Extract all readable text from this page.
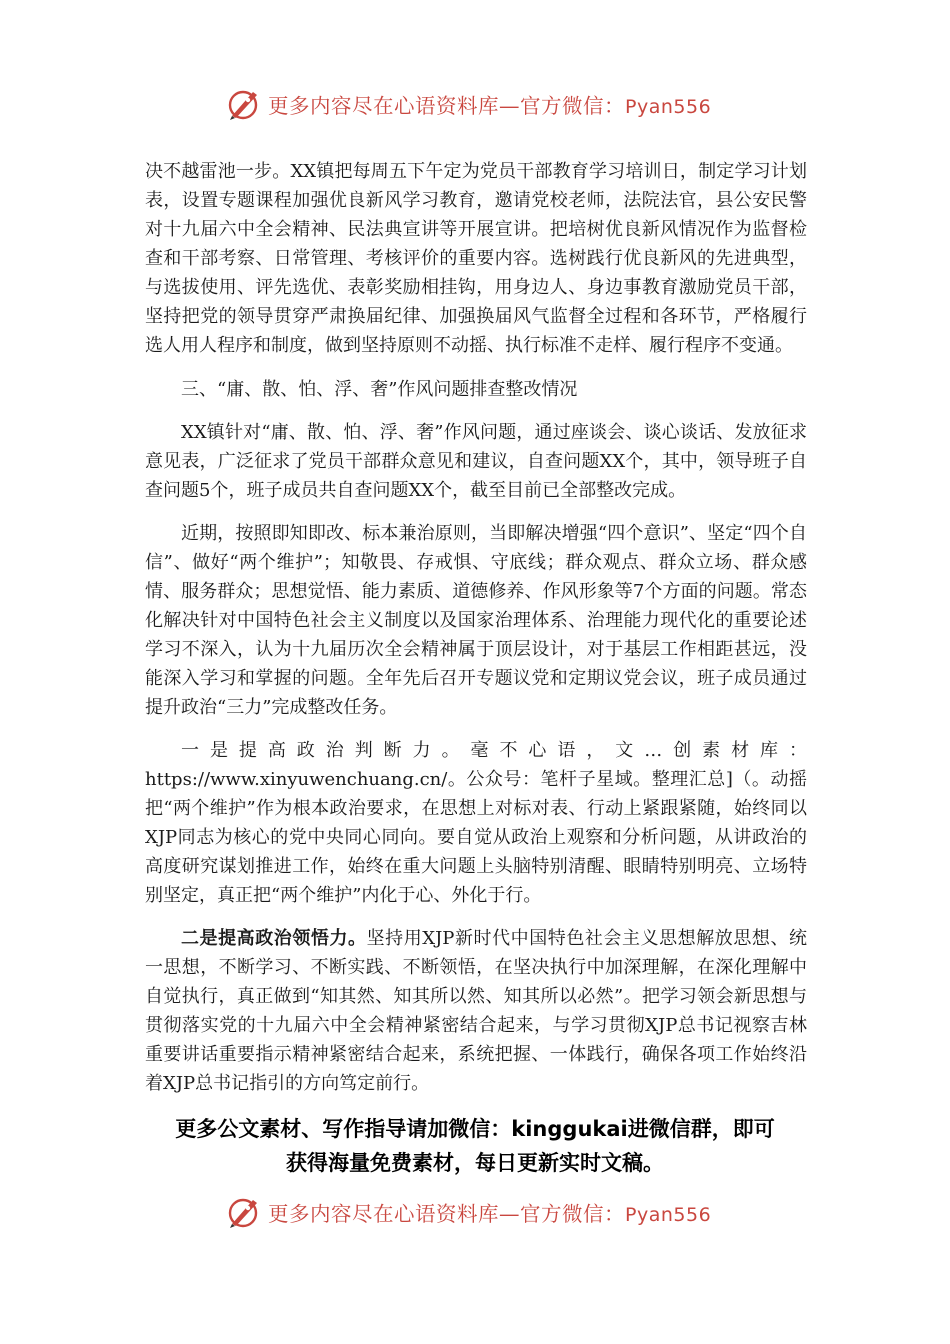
更多内容尽在心语资料库—官方微信：Pyan556

决不越雷池一步。XX镇把每周五下午定为党员干部教育学习培训日，制定学习计划表，设置专题课程加强优良新风学习教育，邀请党校老师，法院法官，县公安民警对十九届六中全会精神、民法典宣讲等开展宣讲。把培树优良新风情况作为监督检查和干部考察、日常管理、考核评价的重要内容。选树践行优良新风的先进典型，与选拔使用、评先选优、表彰奖励相挂钩，用身边人、身边事教育激励党员干部，坚持把党的领导贯穿严肃换届纪律、加强换届风气监督全过程和各环节，严格履行选人用人程序和制度，做到坚持原则不动摇、执行标准不走样、履行程序不变通。

三、“庸、散、怕、浮、奢”作风问题排查整改情况

XX镇针对“庸、散、怕、浮、奢”作风问题，通过座谈会、谈心谈话、发放征求意见表，广泛征求了党员干部群众意见和建议，自查问题XX个，其中，领导班子自查问题5个，班子成员共自查问题XX个，截至目前已全部整改完成。

近期，按照即知即改、标本兼治原则，当即解决增强“四个意识”、坚定“四个自信”、做好“两个维护”；知敬畏、存戒惧、守底线；群众观点、群众立场、群众感情、服务群众；思想觉悟、能力素质、道德修养、作风形象等7个方面的问题。常态化解决针对中国特色社会主义制度以及国家治理体系、治理能力现代化的重要论述学习不深入，认为十九届历次全会精神属于顶层设计，对于基层工作相距甚远，没能深入学习和掌握的问题。全年先后召开专题议党和定期议党会议，班子成员通过提升政治“三力”完成整改任务。

一是提高政治判断力。毫不心语，文…创素材库：https://www.xinyuwenchuang.cn/。公众号：笔杆子星域。整理汇总]（。动摇把“两个维护”作为根本政治要求，在思想上对标对表、行动上紧跟紧随，始终同以XJP同志为核心的党中央同心同向。要自觉从政治上观察和分析问题，从讲政治的高度研究谋划推进工作，始终在重大问题上头脑特别清醒、眼睛特别明亮、立场特别坚定，真正把“两个维护”内化于心、外化于行。

二是提高政治领悟力。坚持用XJP新时代中国特色社会主义思想解放思想、统一思想，不断学习、不断实践、不断领悟，在坚决执行中加深理解，在深化理解中自觉执行，真正做到“知其然、知其所以然、知其所以必然”。把学习领会新思想与贯彻落实党的十九届六中全会精神紧密结合起来，与学习贯彻XJP总书记视察吉林重要讲话重要指示精神紧密结合起来，系统把握、一体践行，确保各项工作始终沿着XJP总书记指引的方向笃定前行。

更多公文素材、写作指导请加微信：kinggukai进微信群，即可
获得海量免费素材，每日更新实时文稿。
更多内容尽在心语资料库—官方微信：Pyan556
